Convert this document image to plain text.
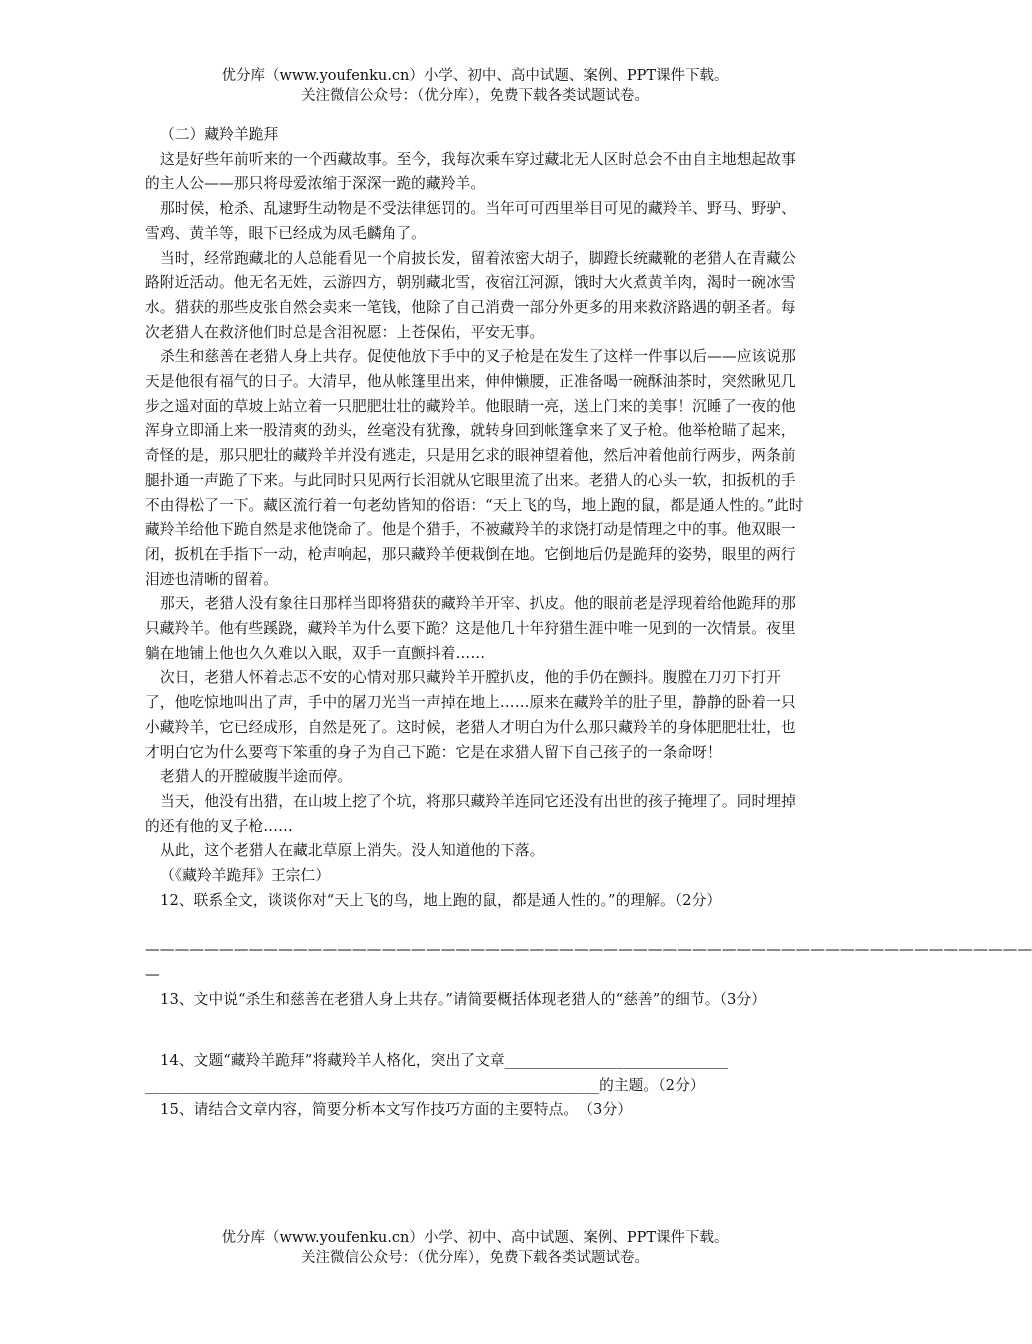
优分库（www.youfenku.cn）小学、初中、高中试题、案例、PPT课件下载。
关注微信公众号：（优分库），免费下载各类试题试卷。

（二）藏羚羊跪拜

这是好些年前听来的一个西藏故事。至今，我每次乘车穿过藏北无人区时总会不由自主地想起故事的主人公——那只将母爱浓缩于深深一跪的藏羚羊。

那时侯，枪杀、乱逮野生动物是不受法律惩罚的。当年可可西里举目可见的藏羚羊、野马、野驴、雪鸡、黄羊等，眼下已经成为凤毛麟角了。

当时，经常跑藏北的人总能看见一个肩披长发，留着浓密大胡子，脚蹬长统藏靴的老猎人在青藏公路附近活动。他无名无姓，云游四方，朝别藏北雪，夜宿江河源，饿时大火煮黄羊肉，渴时一碗冰雪水。猎获的那些皮张自然会卖来一笔钱，他除了自己消费一部分外更多的用来救济路遇的朝圣者。每次老猎人在救济他们时总是含泪祝愿：上苍保佑，平安无事。

杀生和慈善在老猎人身上共存。促使他放下手中的叉子枪是在发生了这样一件事以后——应该说那天是他很有福气的日子。大清早，他从帐篷里出来，伸伸懒腰，正准备喝一碗酥油茶时，突然瞅见几步之遥对面的草坡上站立着一只肥肥壮壮的藏羚羊。他眼睛一亮，送上门来的美事！沉睡了一夜的他浑身立即涌上来一股清爽的劲头，丝毫没有犹豫，就转身回到帐篷拿来了叉子枪。他举枪瞄了起来，奇怪的是，那只肥壮的藏羚羊并没有逃走，只是用乞求的眼神望着他，然后冲着他前行两步，两条前腿扑通一声跪了下来。与此同时只见两行长泪就从它眼里流了出来。老猎人的心头一软，扣扳机的手不由得松了一下。藏区流行着一句老幼皆知的俗语：“天上飞的鸟，地上跑的鼠，都是通人性的。”此时藏羚羊给他下跪自然是求他饶命了。他是个猎手，不被藏羚羊的求饶打动是情理之中的事。他双眼一闭，扳机在手指下一动，枪声响起，那只藏羚羊便栽倒在地。它倒地后仍是跪拜的姿势，眼里的两行泪迹也清晰的留着。

那天，老猎人没有象往日那样当即将猎获的藏羚羊开宰、扒皮。他的眼前老是浮现着给他跪拜的那只藏羚羊。他有些蹊跷，藏羚羊为什么要下跪？这是他几十年狩猎生涯中唯一见到的一次情景。夜里躺在地铺上他也久久难以入眠，双手一直颤抖着……

次日，老猎人怀着忐忑不安的心情对那只藏羚羊开膛扒皮，他的手仍在颤抖。腹膛在刀刃下打开了，他吃惊地叫出了声，手中的屠刀光当一声掉在地上……原来在藏羚羊的肚子里，静静的卧着一只小藏羚羊，它已经成形，自然是死了。这时候，老猎人才明白为什么那只藏羚羊的身体肥肥壮壮，也才明白它为什么要弯下笨重的身子为自己下跪：它是在求猎人留下自己孩子的一条命呀！

老猎人的开膛破腹半途而停。

当天，他没有出猎，在山坡上挖了个坑，将那只藏羚羊连同它还没有出世的孩子掩埋了。同时埋掉的还有他的叉子枪……

从此，这个老猎人在藏北草原上消失。没人知道他的下落。

（《藏羚羊跪拜》王宗仁）

12、联系全文，谈谈你对“天上飞的鸟，地上跑的鼠，都是通人性的。”的理解。（2分）

————————————————————————————————————————————————————————————

—

13、文中说“杀生和慈善在老猎人身上共存。”请简要概括体现老猎人的“慈善”的细节。（3分）

14、文题“藏羚羊跪拜”将藏羚羊人格化，突出了文章______________________________

_____________________________________________________________的主题。（2分）

15、请结合文章内容，简要分析本文写作技巧方面的主要特点。　（3分）

优分库（www.youfenku.cn）小学、初中、高中试题、案例、PPT课件下载。
关注微信公众号：（优分库），免费下载各类试题试卷。
